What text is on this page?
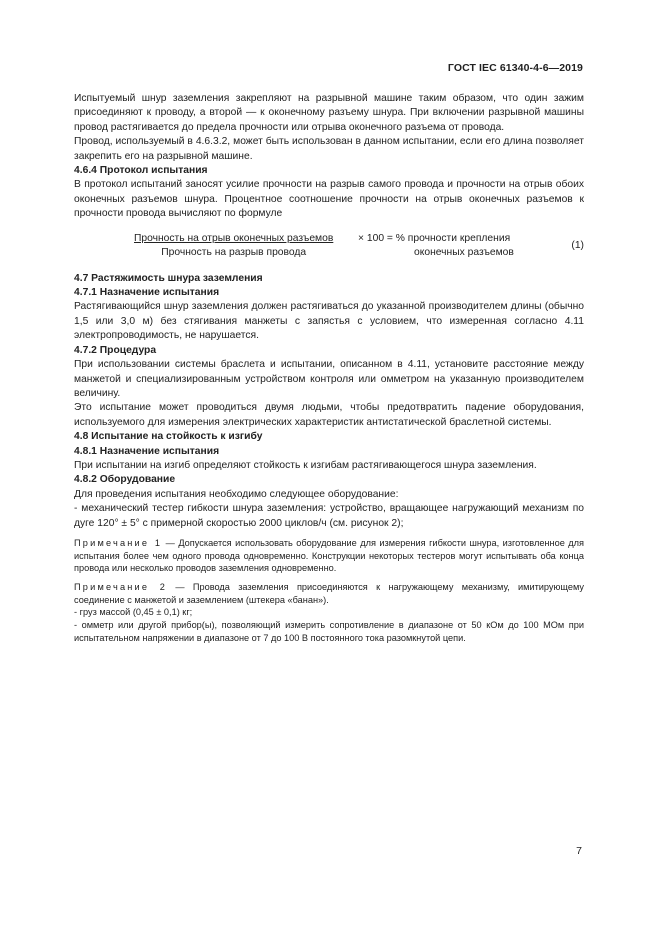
ГОСТ IEC 61340-4-6—2019

Испытуемый шнур заземления закрепляют на разрывной машине таким образом, что один зажим присоединяют к проводу, а второй — к оконечному разъему шнура. При включении разрывной машины провод растягивается до предела прочности или отрыва оконечного разъема от провода.

Провод, используемый в 4.6.3.2, может быть использован в данном испытании, если его длина позволяет закрепить его на разрывной машине.

4.6.4 Протокол испытания

В протокол испытаний заносят усилие прочности на разрыв самого провода и прочности на отрыв обоих оконечных разъемов шнура. Процентное соотношение прочности на отрыв оконечных разъемов к прочности провода вычисляют по формуле

Прочность на отрыв оконечных разъемов
Прочность на разрыв провода
× 100 = % прочности крепления
оконечных разъемов
(1)

4.7 Растяжимость шнура заземления

4.7.1 Назначение испытания

Растягивающийся шнур заземления должен растягиваться до указанной производителем длины (обычно 1,5 или 3,0 м) без стягивания манжеты с запястья с условием, что измеренная согласно 4.11 электропроводимость, не нарушается.

4.7.2 Процедура

При использовании системы браслета и испытании, описанном в 4.11, установите расстояние между манжетой и специализированным устройством контроля или омметром на указанную производителем величину.

Это испытание может проводиться двумя людьми, чтобы предотвратить падение оборудования, используемого для измерения электрических характеристик антистатической браслетной системы.

4.8 Испытание на стойкость к изгибу

4.8.1 Назначение испытания

При испытании на изгиб определяют стойкость к изгибам растягивающегося шнура заземления.

4.8.2 Оборудование

Для проведения испытания необходимо следующее оборудование:

- механический тестер гибкости шнура заземления: устройство, вращающее нагружающий механизм по дуге 120° ± 5° с примерной скоростью 2000 циклов/ч (см. рисунок 2);

Примечание 1 — Допускается использовать оборудование для измерения гибкости шнура, изготовленное для испытания более чем одного провода одновременно. Конструкции некоторых тестеров могут испытывать оба конца провода или несколько проводов заземления одновременно.

Примечание 2 — Провода заземления присоединяются к нагружающему механизму, имитирующему соединение с манжетой и заземлением (штекера «банан»).

- груз массой (0,45 ± 0,1) кг;

- омметр или другой прибор(ы), позволяющий измерить сопротивление в диапазоне от 50 кОм до 100 МОм при испытательном напряжении в диапазоне от 7 до 100 В постоянного тока разомкнутой цепи.

7
